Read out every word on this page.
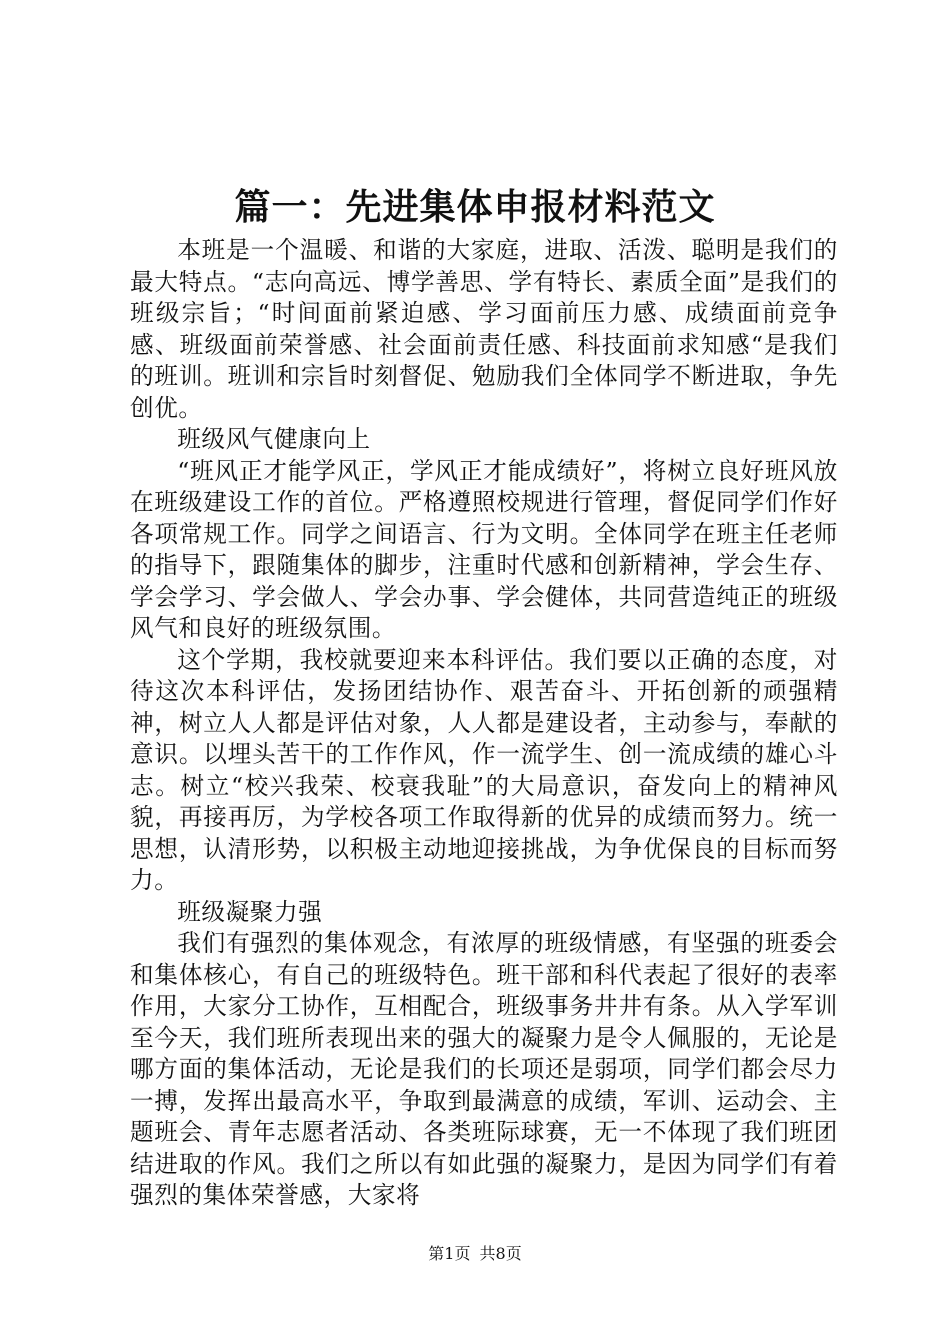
篇一：先进集体申报材料范文

本班是一个温暖、和谐的大家庭，进取、活泼、聪明是我们的最大特点。“志向高远、博学善思、学有特长、素质全面”是我们的班级宗旨；“时间面前紧迫感、学习面前压力感、成绩面前竞争感、班级面前荣誉感、社会面前责任感、科技面前求知感“是我们的班训。班训和宗旨时刻督促、勉励我们全体同学不断进取，争先创优。

班级风气健康向上

“班风正才能学风正，学风正才能成绩好”，将树立良好班风放在班级建设工作的首位。严格遵照校规进行管理，督促同学们作好各项常规工作。同学之间语言、行为文明。全体同学在班主任老师的指导下，跟随集体的脚步，注重时代感和创新精神，学会生存、学会学习、学会做人、学会办事、学会健体，共同营造纯正的班级风气和良好的班级氛围。

这个学期，我校就要迎来本科评估。我们要以正确的态度，对待这次本科评估，发扬团结协作、艰苦奋斗、开拓创新的顽强精神，树立人人都是评估对象，人人都是建设者，主动参与，奉献的意识。以埋头苦干的工作作风，作一流学生、创一流成绩的雄心斗志。树立“校兴我荣、校衰我耻”的大局意识，奋发向上的精神风貌，再接再厉，为学校各项工作取得新的优异的成绩而努力。统一思想，认清形势，以积极主动地迎接挑战，为争优保良的目标而努力。

班级凝聚力强

我们有强烈的集体观念，有浓厚的班级情感，有坚强的班委会和集体核心，有自己的班级特色。班干部和科代表起了很好的表率作用，大家分工协作，互相配合，班级事务井井有条。从入学军训至今天，我们班所表现出来的强大的凝聚力是令人佩服的，无论是哪方面的集体活动，无论是我们的长项还是弱项，同学们都会尽力一搏，发挥出最高水平，争取到最满意的成绩，军训、运动会、主题班会、青年志愿者活动、各类班际球赛，无一不体现了我们班团结进取的作风。我们之所以有如此强的凝聚力，是因为同学们有着强烈的集体荣誉感，大家将

第1页 共8页
